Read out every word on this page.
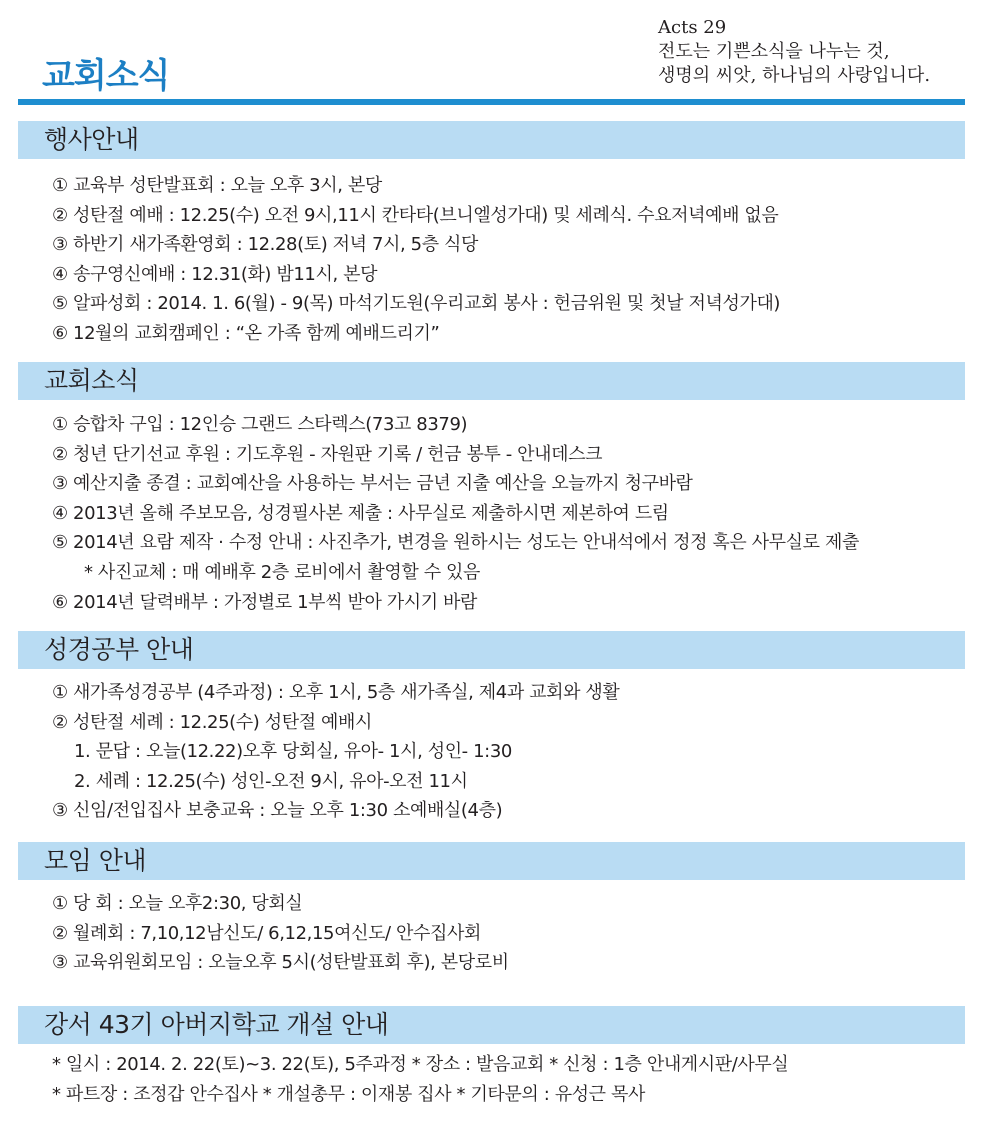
교회소식
Acts 29
전도는 기쁜소식을 나누는 것,
생명의 씨앗, 하나님의 사랑입니다.
행사안내
① 교육부 성탄발표회 : 오늘 오후 3시, 본당
② 성탄절 예배 : 12.25(수) 오전 9시,11시 칸타타(브니엘성가대) 및 세례식. 수요저녁예배 없음
③ 하반기 새가족환영회 : 12.28(토) 저녁 7시, 5층 식당
④ 송구영신예배 : 12.31(화) 밤11시, 본당
⑤ 알파성회 : 2014. 1. 6(월) - 9(목) 마석기도원(우리교회 봉사 : 헌금위원 및 첫날 저녁성가대)
⑥ 12월의 교회캠페인 : “온 가족 함께 예배드리기”
교회소식
① 승합차 구입 : 12인승 그랜드 스타렉스(73고 8379)
② 청년 단기선교 후원 : 기도후원 - 자원판 기록 / 헌금 봉투 - 안내데스크
③ 예산지출 종결 : 교회예산을 사용하는 부서는 금년 지출 예산을 오늘까지 청구바람
④ 2013년 올해 주보모음, 성경필사본 제출 : 사무실로 제출하시면 제본하여 드림
⑤ 2014년 요람 제작 · 수정 안내 : 사진추가, 변경을 원하시는 성도는 안내석에서 정정 혹은 사무실로 제출
* 사진교체 : 매 예배후 2층 로비에서 촬영할 수 있음
⑥ 2014년 달력배부 : 가정별로 1부씩 받아 가시기 바람
성경공부 안내
① 새가족성경공부 (4주과정) : 오후 1시, 5층 새가족실, 제4과 교회와 생활
② 성탄절 세례 : 12.25(수) 성탄절 예배시
1. 문답 : 오늘(12.22)오후 당회실, 유아- 1시, 성인- 1:30
2. 세례 : 12.25(수) 성인-오전 9시, 유아-오전 11시
③ 신임/전입집사 보충교육 : 오늘 오후 1:30 소예배실(4층)
모임 안내
① 당 회 : 오늘 오후2:30, 당회실
② 월례회 : 7,10,12남신도/ 6,12,15여신도/ 안수집사회
③ 교육위원회모임 : 오늘오후 5시(성탄발표회 후), 본당로비
강서 43기 아버지학교 개설 안내
* 일시 : 2014. 2. 22(토)~3. 22(토), 5주과정 * 장소 : 발음교회 * 신청 : 1층 안내게시판/사무실
* 파트장 : 조정갑 안수집사 * 개설총무 : 이재봉 집사 * 기타문의 : 유성근 목사
